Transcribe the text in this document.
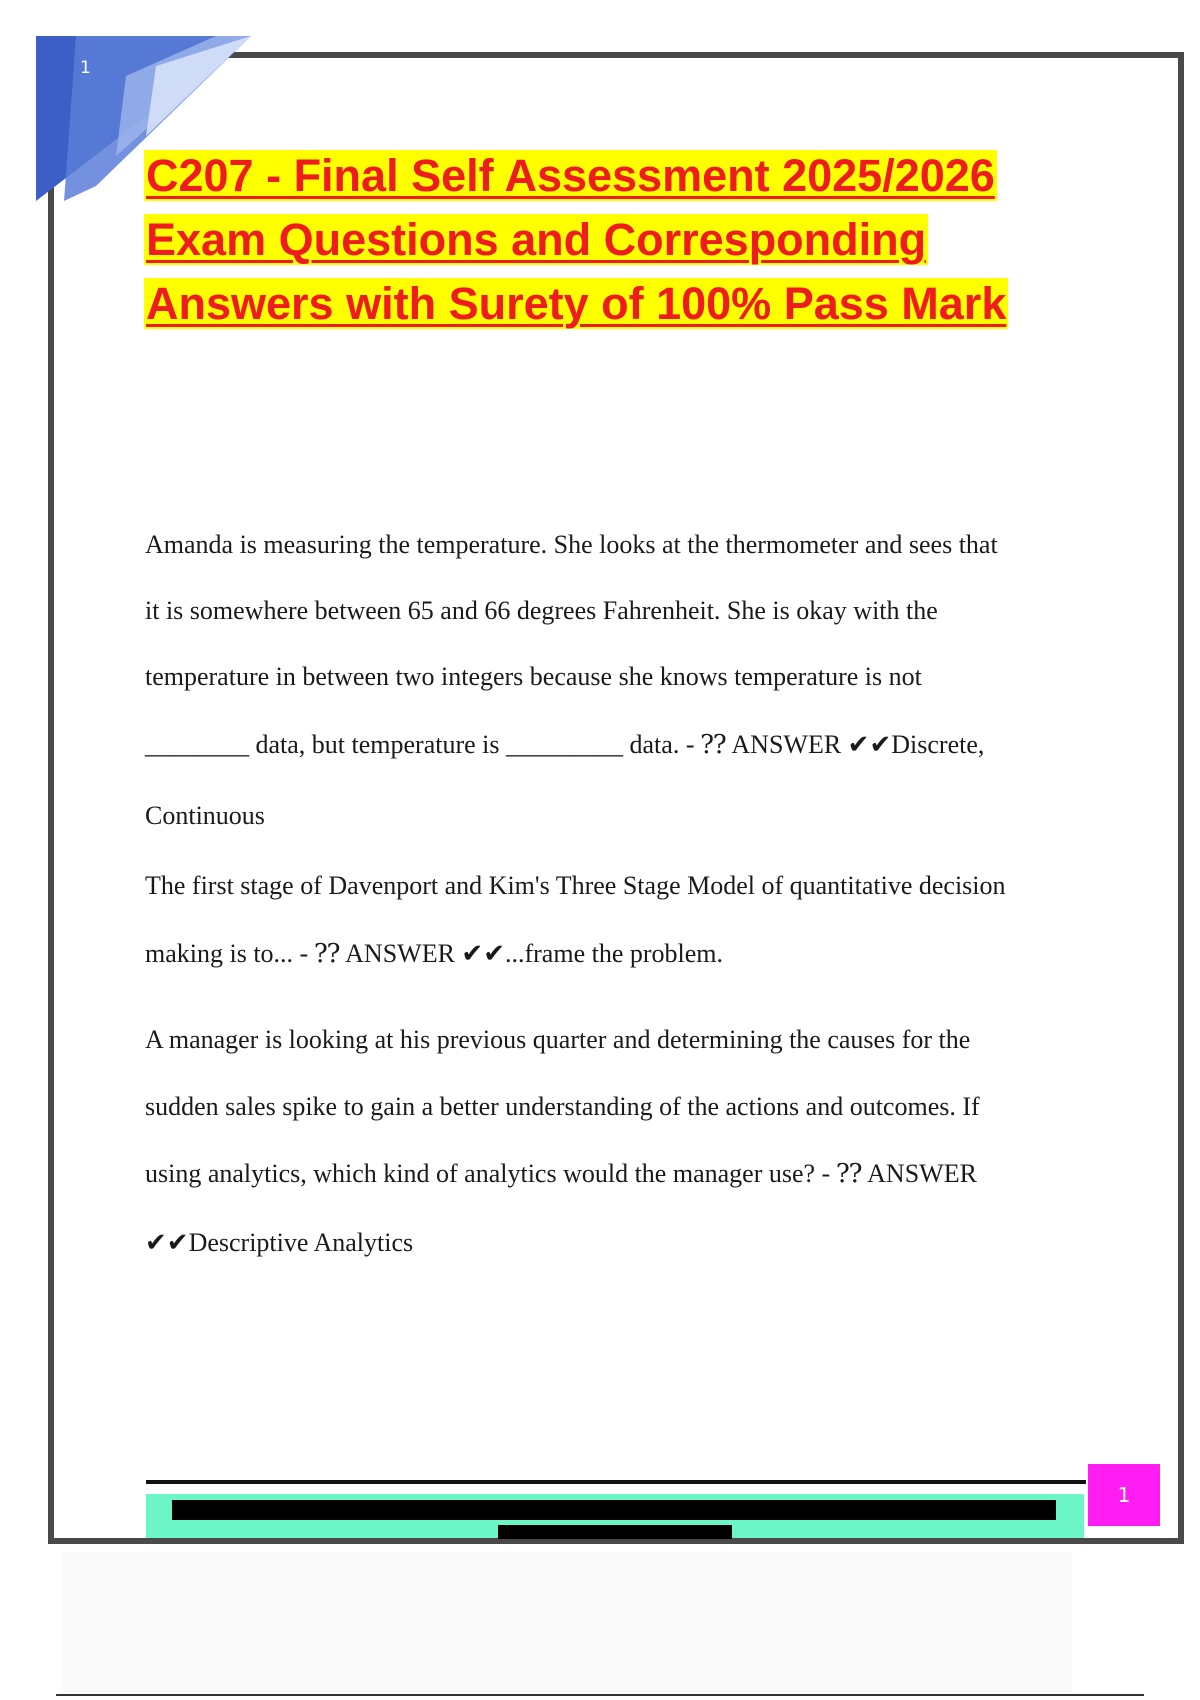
1
C207 - Final Self Assessment 2025/2026
Exam Questions and Corresponding
Answers with Surety of 100% Pass Mark
Amanda is measuring the temperature. She looks at the thermometer and sees that
it is somewhere between 65 and 66 degrees Fahrenheit. She is okay with the
temperature in between two integers because she knows temperature is not
________ data, but temperature is _________ data. - ⁇ ANSWER ✔✔Discrete,
Continuous
The first stage of Davenport and Kim's Three Stage Model of quantitative decision
making is to... - ⁇ ANSWER ✔✔...frame the problem.
A manager is looking at his previous quarter and determining the causes for the
sudden sales spike to gain a better understanding of the actions and outcomes. If
using analytics, which kind of analytics would the manager use? - ⁇ ANSWER
✔✔Descriptive Analytics
1
